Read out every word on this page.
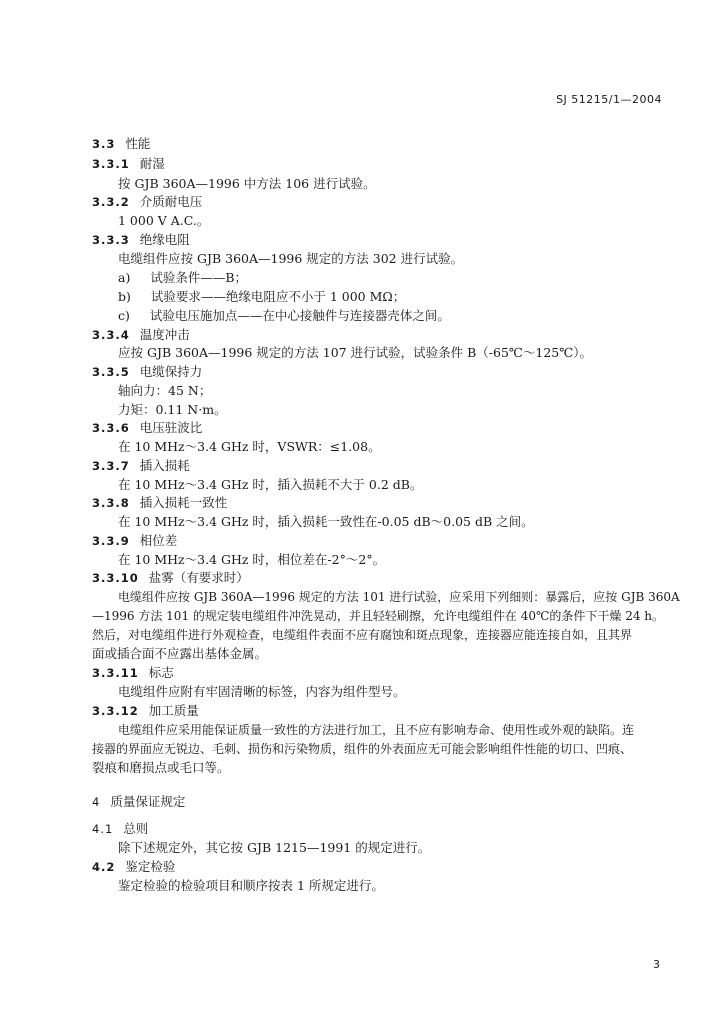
SJ 51215/1—2004
3.3 性能
3.3.1 耐湿
按 GJB 360A—1996 中方法 106 进行试验。
3.3.2 介质耐电压
1 000 V A.C.。
3.3.3 绝缘电阻
电缆组件应按 GJB 360A—1996 规定的方法 302 进行试验。
a) 试验条件——B；
b) 试验要求——绝缘电阻应不小于 1 000 MΩ；
c) 试验电压施加点——在中心接触件与连接器壳体之间。
3.3.4 温度冲击
应按 GJB 360A—1996 规定的方法 107 进行试验，试验条件 B（-65℃～125℃）。
3.3.5 电缆保持力
轴向力：45 N；
力矩：0.11 N·m。
3.3.6 电压驻波比
在 10 MHz～3.4 GHz 时，VSWR：≤1.08。
3.3.7 插入损耗
在 10 MHz～3.4 GHz 时，插入损耗不大于 0.2 dB。
3.3.8 插入损耗一致性
在 10 MHz～3.4 GHz 时，插入损耗一致性在-0.05 dB～0.05 dB 之间。
3.3.9 相位差
在 10 MHz～3.4 GHz 时，相位差在-2°～2°。
3.3.10 盐雾（有要求时）
电缆组件应按 GJB 360A—1996 规定的方法 101 进行试验，应采用下列细则：暴露后，应按 GJB 360A
—1996 方法 101 的规定装电缆组件冲洗晃动，并且轻轻刷擦，允许电缆组件在 40℃的条件下干燥 24 h。
然后，对电缆组件进行外观检查，电缆组件表面不应有腐蚀和斑点现象，连接器应能连接自如，且其界
面或插合面不应露出基体金属。
3.3.11 标志
电缆组件应附有牢固清晰的标签，内容为组件型号。
3.3.12 加工质量
电缆组件应采用能保证质量一致性的方法进行加工，且不应有影响寿命、使用性或外观的缺陷。连
接器的界面应无锐边、毛刺、损伤和污染物质，组件的外表面应无可能会影响组件性能的切口、凹痕、
裂痕和磨损点或毛口等。
4 质量保证规定
4.1 总则
除下述规定外，其它按 GJB 1215—1991 的规定进行。
4.2 鉴定检验
鉴定检验的检验项目和顺序按表 1 所规定进行。
3
